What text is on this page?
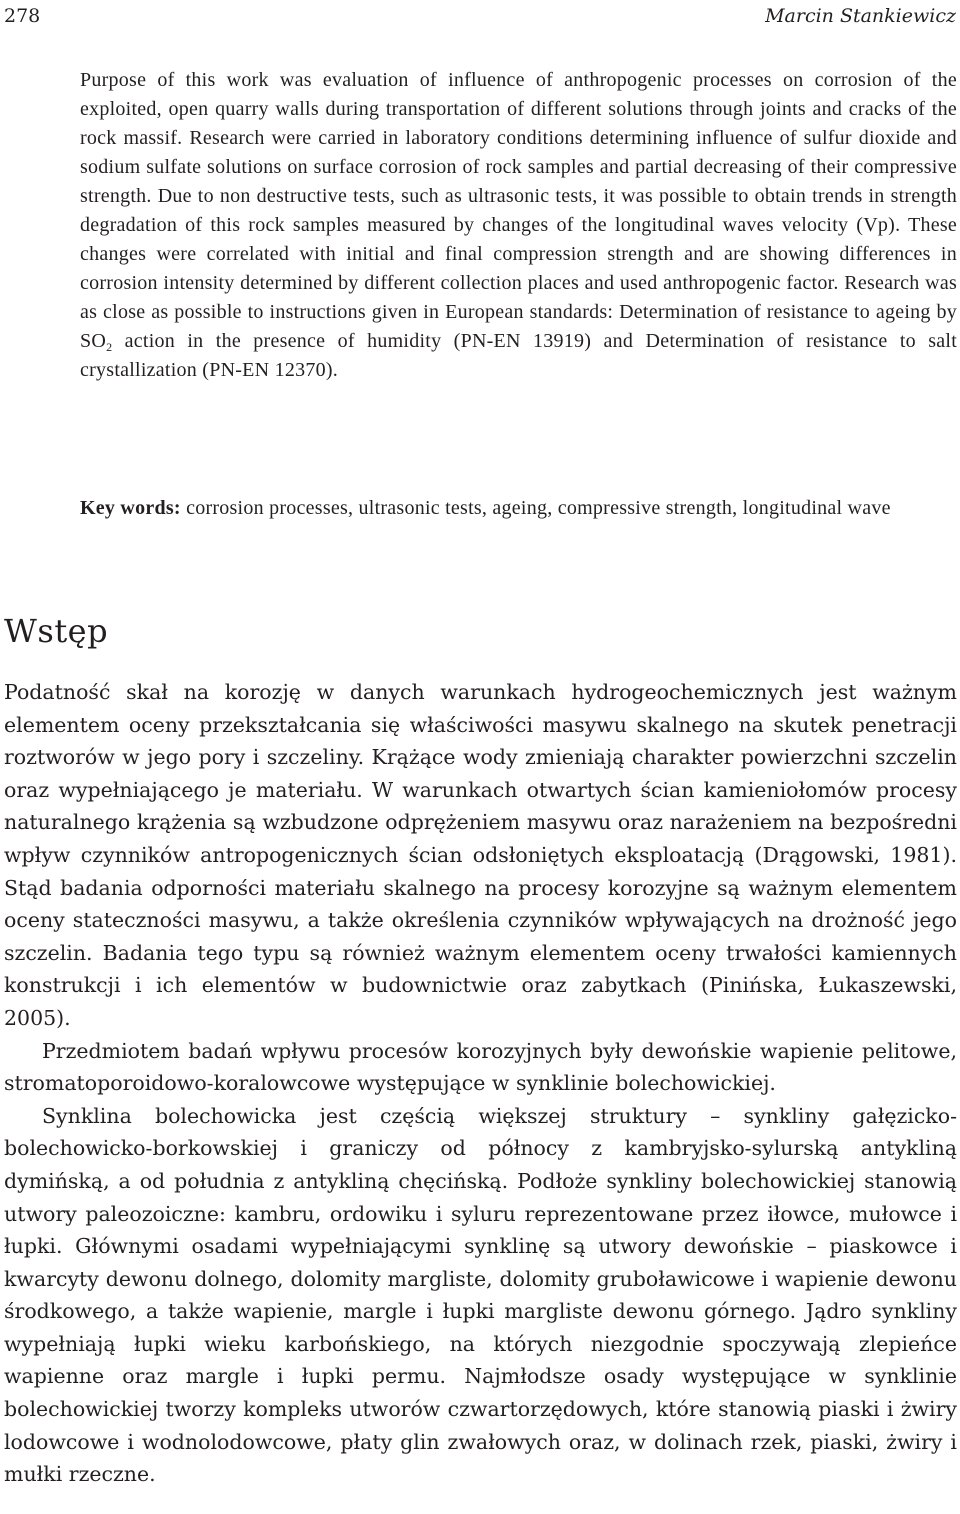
278	Marcin Stankiewicz

Purpose of this work was evaluation of influence of anthropogenic processes on corrosion of the exploited, open quarry walls during transportation of different solutions through joints and cracks of the rock massif. Research were carried in laboratory conditions determining influence of sulfur dioxide and sodium sulfate solutions on surface corrosion of rock samples and partial decreasing of their compressive strength. Due to non destructive tests, such as ultrasonic tests, it was possible to obtain trends in strength degradation of this rock samples measured by changes of the longitudinal waves velocity (Vp). These changes were correlated with initial and final compression strength and are showing differences in corrosion intensity determined by different collection places and used anthropogenic factor. Research was as close as possible to instructions given in European standards: Determination of resistance to ageing by $SO_2$ action in the presence of humidity (PN-EN 13919) and Determination of resistance to salt crystallization (PN-EN 12370).

Key words: corrosion processes, ultrasonic tests, ageing, compressive strength, longitudinal wave

Wstęp

Podatność skał na korozję w danych warunkach hydrogeochemicznych jest ważnym elementem oceny przekształcania się właściwości masywu skalnego na skutek penetracji roztworów w jego pory i szczeliny. Krążące wody zmieniają charakter powierzchni szczelin oraz wypełniającego je materiału. W warunkach otwartych ścian kamieniołomów procesy naturalnego krążenia są wzbudzone odprężeniem masywu oraz narażeniem na bezpośredni wpływ czynników antropogenicznych ścian odsłoniętych eksploatacją (Drągowski, 1981). Stąd badania odporności materiału skalnego na procesy korozyjne są ważnym elementem oceny stateczności masywu, a także określenia czynników wpływających na drożność jego szczelin. Badania tego typu są również ważnym elementem oceny trwałości kamiennych konstrukcji i ich elementów w budownictwie oraz zabytkach (Pinińska, Łukaszewski, 2005).

Przedmiotem badań wpływu procesów korozyjnych były dewońskie wapienie pelitowe, stromatoporoidowo-koralowcowe występujące w synklinie bolechowickiej.

Synklina bolechowicka jest częścią większej struktury – synkliny gałęzicko-bolechowicko-borkowskiej i graniczy od północy z kambryjsko-sylurską antykliną dymińską, a od południa z antykliną chęcińską. Podłoże synkliny bolechowickiej stanowią utwory paleozoiczne: kambru, ordowiku i syluru reprezentowane przez iłowce, mułowce i łupki. Głównymi osadami wypełniającymi synklinę są utwory dewońskie – piaskowce i kwarcyty dewonu dolnego, dolomity margliste, dolomity gruboławicowe i wapienie dewonu środkowego, a także wapienie, margle i łupki margliste dewonu górnego. Jądro synkliny wypełniają łupki wieku karbońskiego, na których niezgodnie spoczywają zlepieńce wapienne oraz margle i łupki permu. Najmłodsze osady występujące w synklinie bolechowickiej tworzy kompleks utworów czwartorzędowych, które stanowią piaski i żwiry lodowcowe i wodnolodowcowe, płaty glin zwałowych oraz, w dolinach rzek, piaski, żwiry i mułki rzeczne.
